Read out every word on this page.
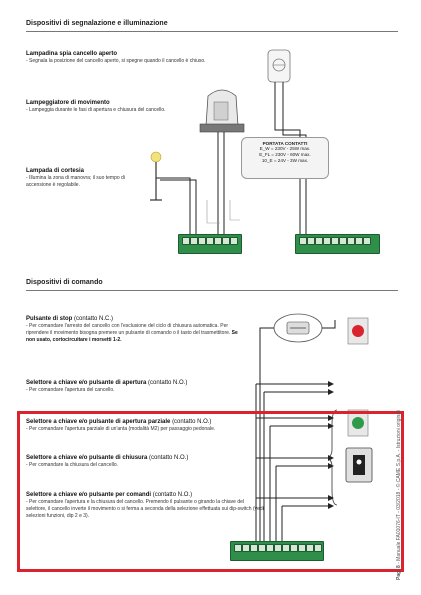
Dispositivi di segnalazione e illuminazione
Lampadina spia cancello aperto
- Segnala la posizione del cancello aperto, si spegne quando il cancello è chiuso.
Lampeggiatore di movimento
- Lampeggia durante le fasi di apertura e chiusura del cancello.
Lampada di cortesia
- Illumina la zona di manovra; il suo tempo di accensione è regolabile.
PORTATA CONTATTI
E_W = 230V - 25W max.
E_FL = 230V - 60W max.
10_E = 24V - 3W max.
Dispositivi di comando
Pulsante di stop (contatto N.C.)
- Per comandare l'arresto del cancello con l'esclusione del ciclo di chiusura automatica. Per riprendere il movimento bisogna premere un pulsante di comando o il tasto del trasmettitore. Se non usato, cortocircuitare i morsetti 1-2.
Selettore a chiave e/o pulsante di apertura (contatto N.O.)
- Per comandare l'apertura del cancello.
Selettore a chiave e/o pulsante di apertura parziale (contatto N.O.)
- Per comandare l'apertura parziale di un'anta (modalità M2) per passaggio pedonale.
Selettore a chiave e/o pulsante di chiusura (contatto N.O.)
- Per comandare la chiusura del cancello.
Selettore a chiave e/o pulsante per comandi (contatto N.O.)
- Per comandare l'apertura e la chiusura del cancello. Premendo il pulsante o girando la chiave del selettore, il cancello inverte il movimento o si ferma a seconda della selezione effettuata sui dip-switch (vedi selezioni funzioni, dip 2 e 3).
Pag. 8 - Manuale FA01076-IT - 03/2018 - © CAME S.p.A. - Istruzioni originali
